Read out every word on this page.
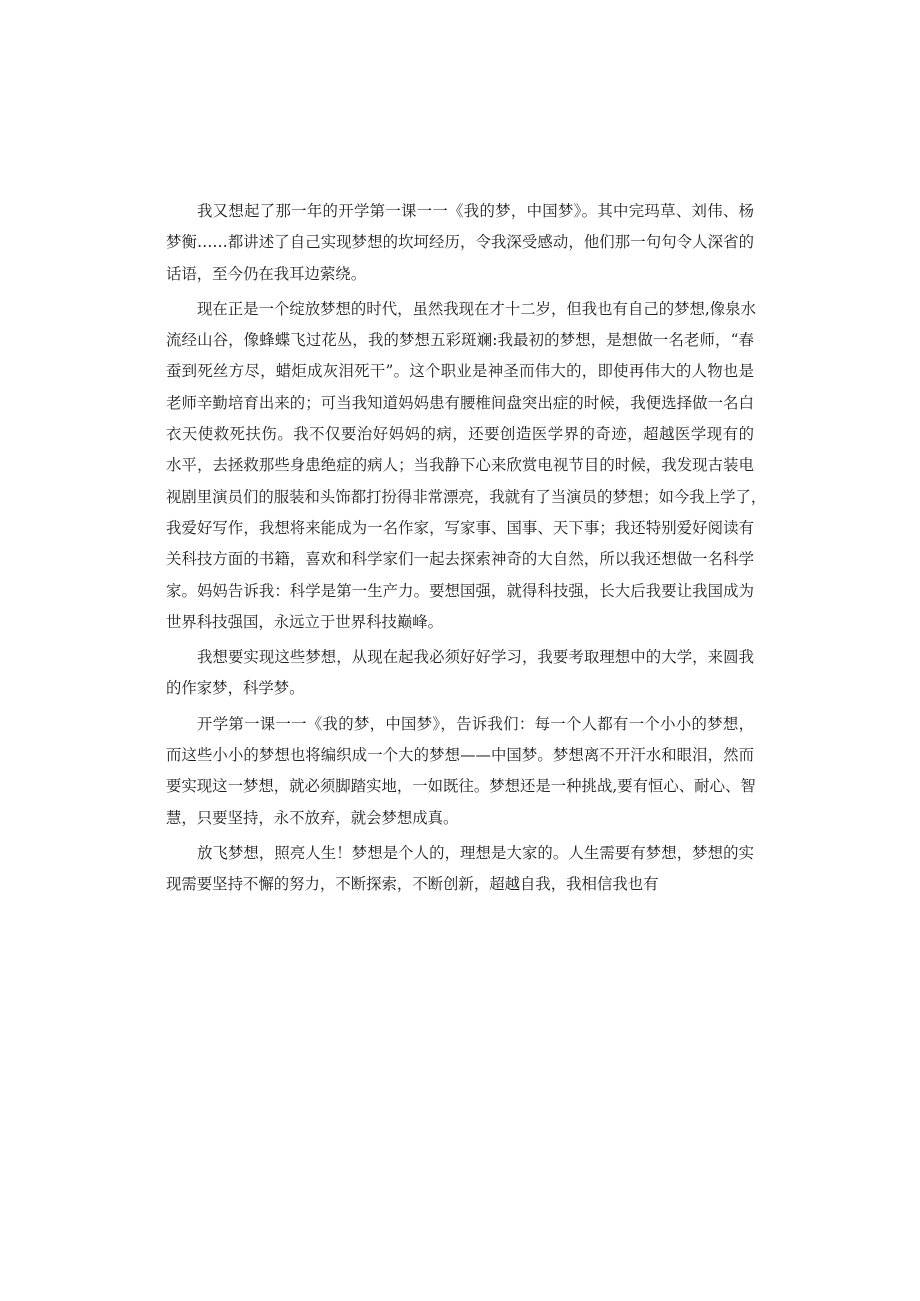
我又想起了那一年的开学第一课一一《我的梦，中国梦》。其中完玛草、刘伟、杨
梦衡……都讲述了自己实现梦想的坎坷经历，令我深受感动，他们那一句句令人深省的
话语，至今仍在我耳边萦绕。
现在正是一个绽放梦想的时代，虽然我现在才十二岁，但我也有自己的梦想,像泉水
流经山谷，像蜂蝶飞过花丛，我的梦想五彩斑斓:我最初的梦想，是想做一名老师，“春
蚕到死丝方尽，蜡炬成灰泪死干”。这个职业是神圣而伟大的，即使再伟大的人物也是
老师辛勤培育出来的；可当我知道妈妈患有腰椎间盘突出症的时候，我便选择做一名白
衣天使救死扶伤。我不仅要治好妈妈的病，还要创造医学界的奇迹，超越医学现有的
水平，去拯救那些身患绝症的病人；当我静下心来欣赏电视节目的时候，我发现古装电
视剧里演员们的服装和头饰都打扮得非常漂亮，我就有了当演员的梦想；如今我上学了，
我爱好写作，我想将来能成为一名作家，写家事、国事、天下事；我还特别爱好阅读有
关科技方面的书籍，喜欢和科学家们一起去探索神奇的大自然，所以我还想做一名科学
家。妈妈告诉我：科学是第一生产力。要想国强，就得科技强，长大后我要让我国成为
世界科技强国，永远立于世界科技巅峰。
我想要实现这些梦想，从现在起我必须好好学习，我要考取理想中的大学，来圆我
的作家梦，科学梦。
开学第一课一一《我的梦，中国梦》，告诉我们：每一个人都有一个小小的梦想，
而这些小小的梦想也将编织成一个大的梦想——中国梦。梦想离不开汗水和眼泪，然而
要实现这一梦想，就必须脚踏实地，一如既往。梦想还是一种挑战,要有恒心、耐心、智
慧，只要坚持，永不放弃，就会梦想成真。
放飞梦想，照亮人生！梦想是个人的，理想是大家的。人生需要有梦想，梦想的实
现需要坚持不懈的努力，不断探索，不断创新，超越自我，我相信我也有
